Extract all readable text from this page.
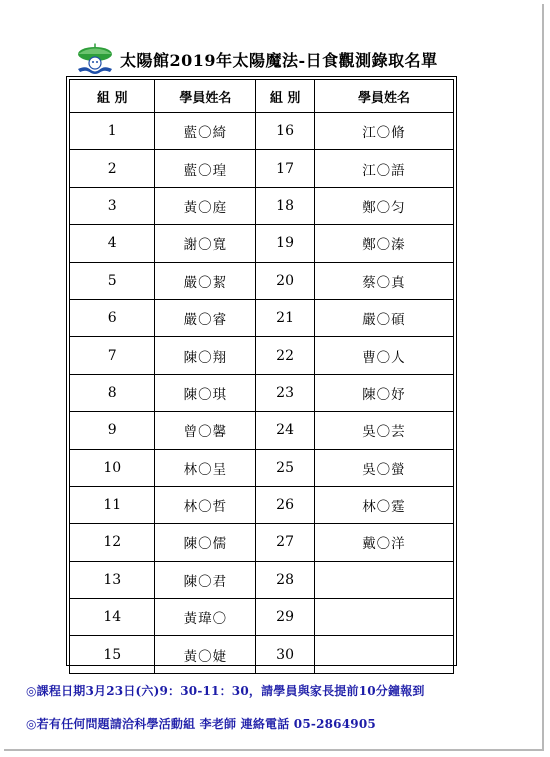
太陽館2019年太陽魔法-日食觀測錄取名單
組 別	學員姓名	組 別	學員姓名
1	藍〇綺	16	江〇脩
2	藍〇瑝	17	江〇語
3	黃〇庭	18	鄭〇匀
4	謝〇寬	19	鄭〇溱
5	嚴〇絜	20	蔡〇真
6	嚴〇睿	21	嚴〇碩
7	陳〇翔	22	曹〇人
8	陳〇琪	23	陳〇妤
9	曾〇馨	24	吳〇芸
10	林〇呈	25	吳〇螢
11	林〇哲	26	林〇霆
12	陳〇儒	27	戴〇洋
13	陳〇君	28	
14	黃瑋〇	29	
15	黃〇婕	30	
◎課程日期3月23日(六)9：30-11：30，請學員與家長提前10分鐘報到
◎若有任何問題請洽科學活動組 李老師 連絡電話 05-2864905
